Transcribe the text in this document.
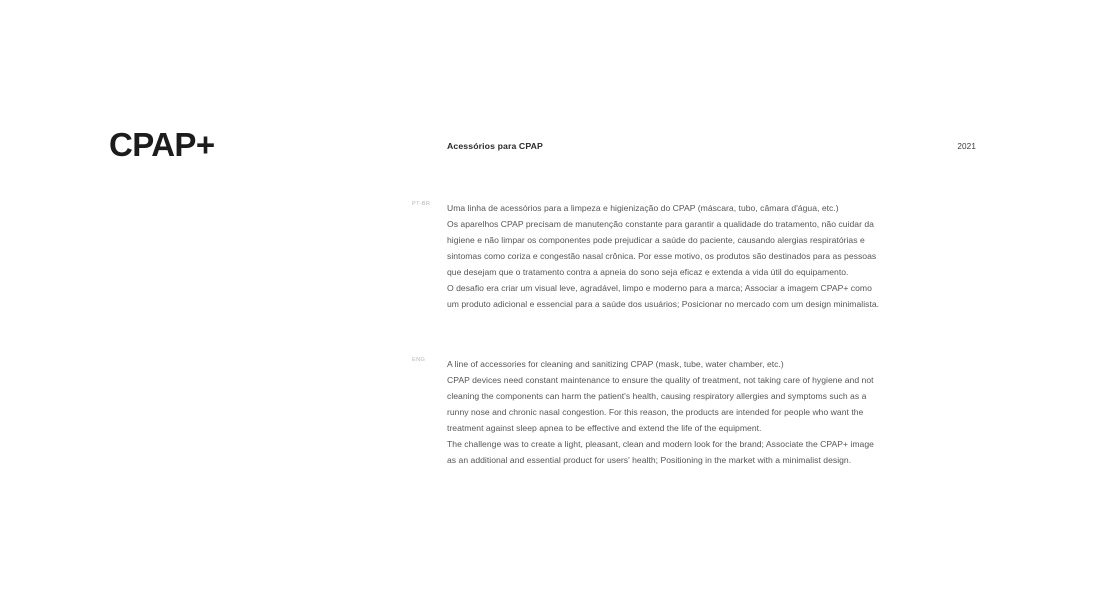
CPAP+	Acessórios para CPAP	2021
PT-BR Uma linha de acessórios para a limpeza e higienização do CPAP (máscara, tubo, câmara d'água, etc.)
Os aparelhos CPAP precisam de manutenção constante para garantir a qualidade do tratamento, não cuidar da
higiene e não limpar os componentes pode prejudicar a saúde do paciente, causando alergias respiratórias e
sintomas como coriza e congestão nasal crônica. Por esse motivo, os produtos são destinados para as pessoas
que desejam que o tratamento contra a apneia do sono seja eficaz e extenda a vida útil do equipamento.
O desafio era criar um visual leve, agradável, limpo e moderno para a marca; Associar a imagem CPAP+ como
um produto adicional e essencial para a saúde dos usuários; Posicionar no mercado com um design minimalista.

ENG	A line of accessories for cleaning and sanitizing CPAP (mask, tube, water chamber, etc.)
CPAP devices need constant maintenance to ensure the quality of treatment, not taking care of hygiene and not
cleaning the components can harm the patient's health, causing respiratory allergies and symptoms such as a
runny nose and chronic nasal congestion. For this reason, the products are intended for people who want the
treatment against sleep apnea to be effective and extend the life of the equipment.
The challenge was to create a light, pleasant, clean and modern look for the brand; Associate the CPAP+ image
as an additional and essential product for users' health; Positioning in the market with a minimalist design.
